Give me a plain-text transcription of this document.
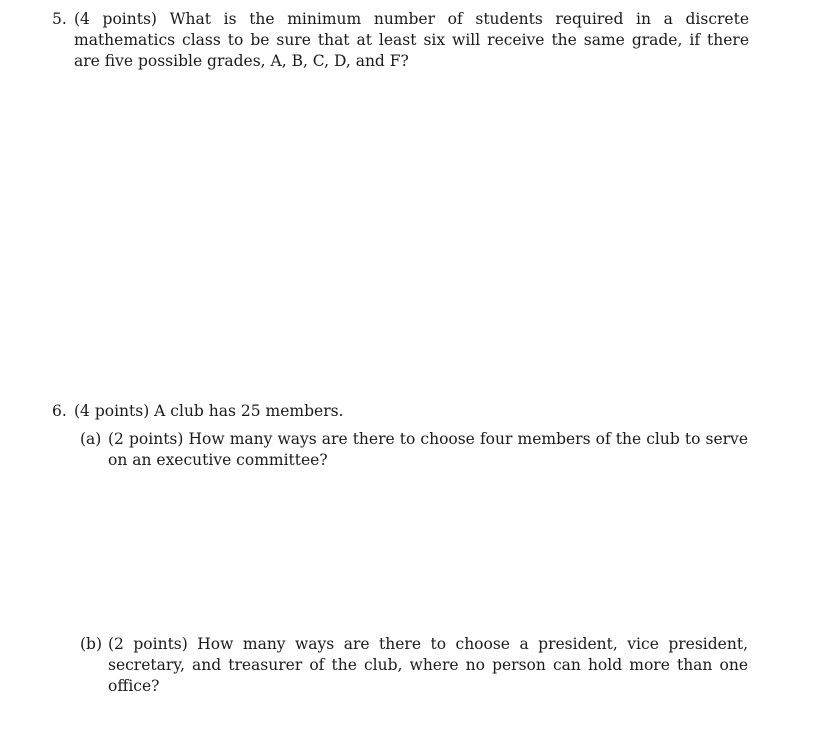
5. (4 points) What is the minimum number of students required in a discrete mathematics class to be sure that at least six will receive the same grade, if there are five possible grades, A, B, C, D, and F?
6. (4 points) A club has 25 members.
(a) (2 points) How many ways are there to choose four members of the club to serve on an executive committee?
(b) (2 points) How many ways are there to choose a president, vice president, secretary, and treasurer of the club, where no person can hold more than one office?
